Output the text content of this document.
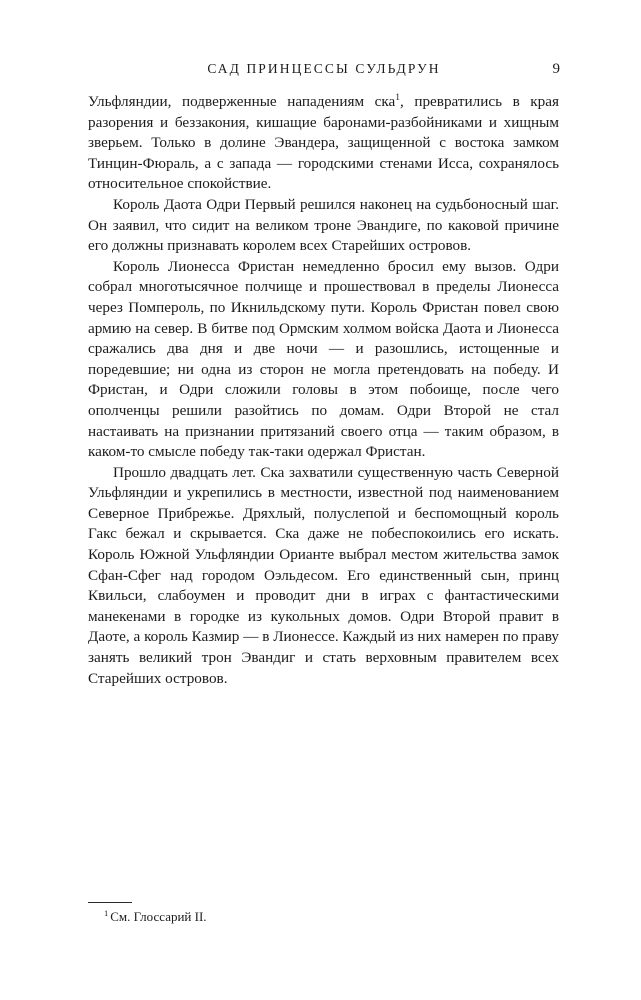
САД ПРИНЦЕССЫ СУЛЬДРУН	9

Ульфляндии, подверженные нападениям ска$^1$, превратились в края разорения и беззакония, кишащие баронами-разбойниками и хищным зверьем. Только в долине Эвандера, защищенной с востока замком Тинцин-Фюраль, а с запада — городскими стенами Исса, сохранялось относительное спокойствие.

Король Даота Одри Первый решился наконец на судьбоносный шаг. Он заявил, что сидит на великом троне Эвандиге, по каковой причине его должны признавать королем всех Старейших островов.

Король Лионесса Фристан немедленно бросил ему вызов. Одри собрал многотысячное полчище и прошествовал в пределы Лионесса через Помпероль, по Икнильдскому пути. Король Фристан повел свою армию на север. В битве под Ормским холмом войска Даота и Лионесса сражались два дня и две ночи — и разошлись, истощенные и поредевшие; ни одна из сторон не могла претендовать на победу. И Фристан, и Одри сложили головы в этом побоище, после чего ополченцы решили разойтись по домам. Одри Второй не стал настаивать на признании притязаний своего отца — таким образом, в каком-то смысле победу так-таки одержал Фристан.

Прошло двадцать лет. Ска захватили существенную часть Северной Ульфляндии и укрепились в местности, известной под наименованием Северное Прибрежье. Дряхлый, полуслепой и беспомощный король Гакс бежал и скрывается. Ска даже не побеспокоились его искать. Король Южной Ульфляндии Орианте выбрал местом жительства замок Сфан-Сфег над городом Оэльдесом. Его единственный сын, принц Квильси, слабоумен и проводит дни в играх с фантастическими манекенами в городке из кукольных домов. Одри Второй правит в Даоте, а король Казмир — в Лионессе. Каждый из них намерен по праву занять великий трон Эвандиг и стать верховным правителем всех Старейших островов.

$^1$ См. Глоссарий II.
